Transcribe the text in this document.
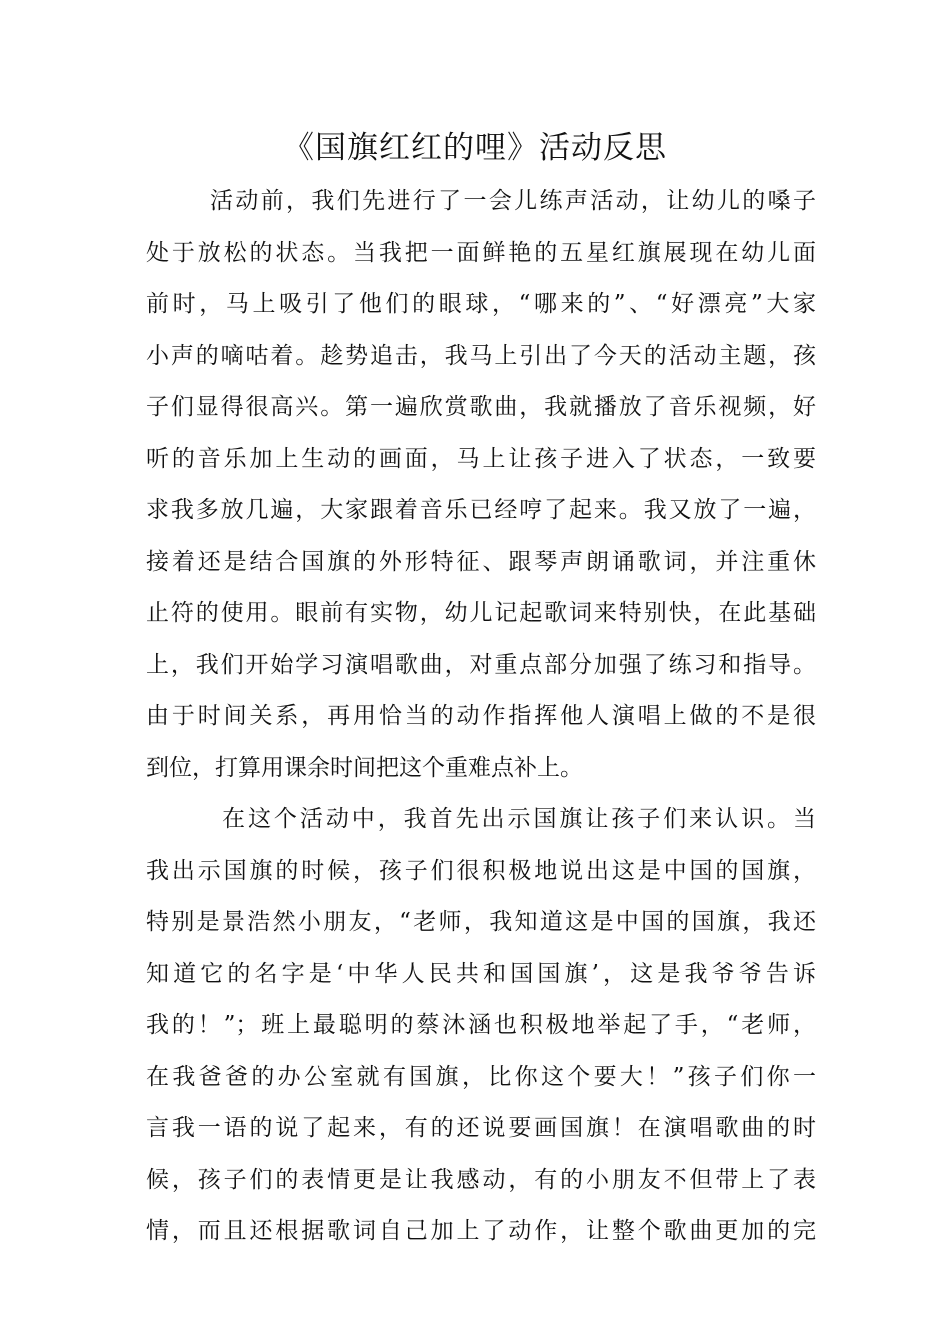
《国旗红红的哩》活动反思
活动前，我们先进行了一会儿练声活动，让幼儿的嗓子
处于放松的状态。当我把一面鲜艳的五星红旗展现在幼儿面
前时，马上吸引了他们的眼球，“哪来的”、“好漂亮”大家
小声的嘀咕着。趁势追击，我马上引出了今天的活动主题，孩
子们显得很高兴。第一遍欣赏歌曲，我就播放了音乐视频，好
听的音乐加上生动的画面，马上让孩子进入了状态，一致要
求我多放几遍，大家跟着音乐已经哼了起来。我又放了一遍，
接着还是结合国旗的外形特征、跟琴声朗诵歌词，并注重休
止符的使用。眼前有实物，幼儿记起歌词来特别快，在此基础
上，我们开始学习演唱歌曲，对重点部分加强了练习和指导。
由于时间关系，再用恰当的动作指挥他人演唱上做的不是很
到位，打算用课余时间把这个重难点补上。
在这个活动中，我首先出示国旗让孩子们来认识。当
我出示国旗的时候，孩子们很积极地说出这是中国的国旗，
特别是景浩然小朋友，“老师，我知道这是中国的国旗，我还
知道它的名字是‘中华人民共和国国旗’，这是我爷爷告诉
我的！”；班上最聪明的蔡沐涵也积极地举起了手，“老师，
在我爸爸的办公室就有国旗，比你这个要大！”孩子们你一
言我一语的说了起来，有的还说要画国旗！在演唱歌曲的时
候，孩子们的表情更是让我感动，有的小朋友不但带上了表
情，而且还根据歌词自己加上了动作，让整个歌曲更加的完
